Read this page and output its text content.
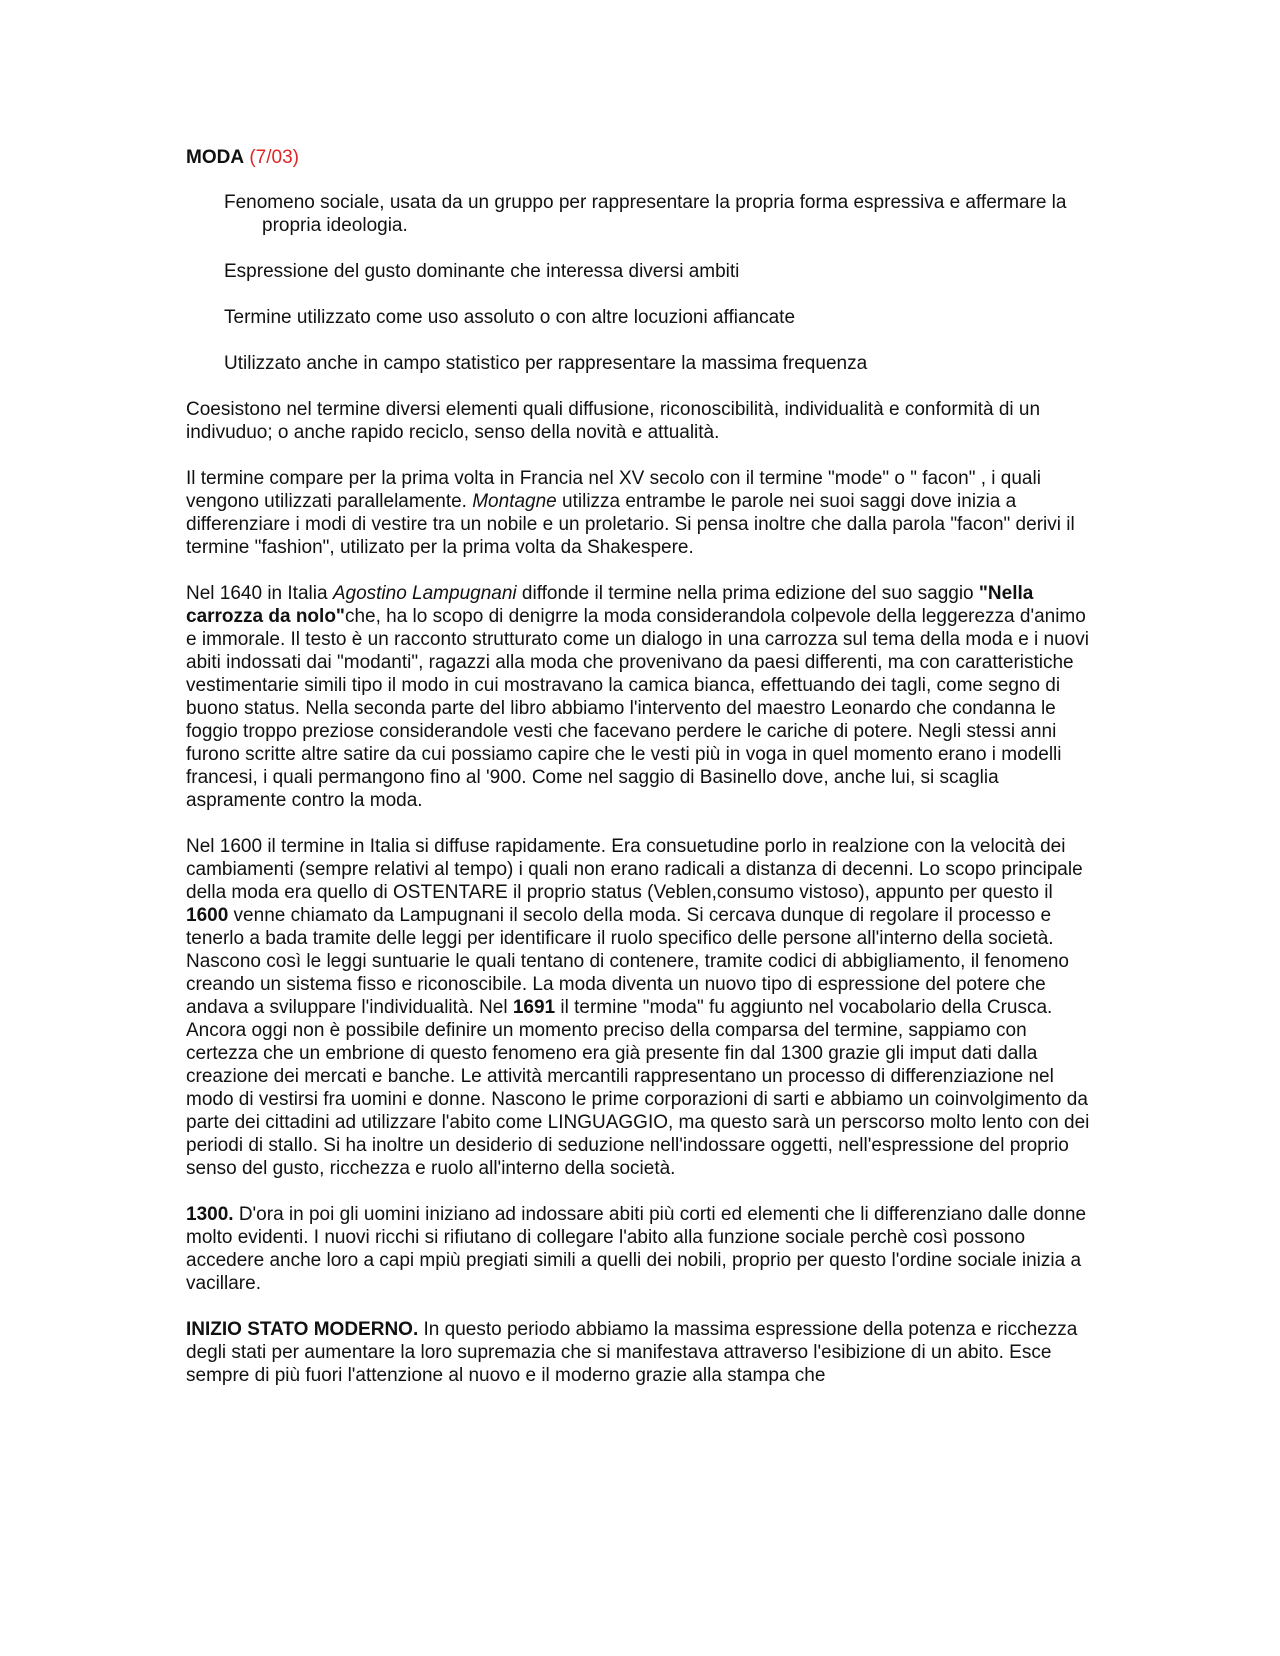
MODA (7/03)

Fenomeno sociale, usata da un gruppo per rappresentare la propria forma espressiva e affermare la propria ideologia.

Espressione del gusto dominante che interessa diversi ambiti

Termine utilizzato come uso assoluto o con altre locuzioni affiancate

Utilizzato anche in campo statistico per rappresentare la massima frequenza

Coesistono nel termine diversi elementi quali diffusione, riconoscibilità, individualità e conformità di un indivuduo; o anche rapido reciclo, senso della novità e attualità.

Il termine compare per la prima volta in Francia nel XV secolo con il termine "mode" o " facon" , i quali vengono utilizzati parallelamente. Montagne utilizza entrambe le parole nei suoi saggi dove inizia a differenziare i modi di vestire tra un nobile e un proletario. Si pensa inoltre che dalla parola "facon" derivi il termine "fashion", utilizato per la prima volta da Shakespere.

Nel 1640 in Italia Agostino Lampugnani diffonde il termine nella prima edizione del suo saggio "Nella carrozza da nolo"che, ha lo scopo di denigrre la moda considerandola colpevole della leggerezza d'animo e immorale. Il testo è un racconto strutturato come un dialogo in una carrozza sul tema della moda e i nuovi abiti indossati dai "modanti", ragazzi alla moda che provenivano da paesi differenti, ma con caratteristiche vestimentarie simili tipo il modo in cui mostravano la camica bianca, effettuando dei tagli, come segno di buono status. Nella seconda parte del libro abbiamo l'intervento del maestro Leonardo che condanna le foggio troppo preziose considerandole vesti che facevano perdere le cariche di potere. Negli stessi anni furono scritte altre satire da cui possiamo capire che le vesti più in voga in quel momento erano i modelli francesi, i quali permangono fino al '900. Come nel saggio di Basinello dove, anche lui, si scaglia aspramente contro la moda.

Nel 1600 il termine in Italia si diffuse rapidamente. Era consuetudine porlo in realzione con la velocità dei cambiamenti (sempre relativi al tempo) i quali non erano radicali a distanza di decenni. Lo scopo principale della moda era quello di OSTENTARE il proprio status (Veblen,consumo vistoso), appunto per questo il 1600 venne chiamato da Lampugnani il secolo della moda. Si cercava dunque di regolare il processo e tenerlo a bada tramite delle leggi per identificare il ruolo specifico delle persone all'interno della società. Nascono così le leggi suntuarie le quali tentano di contenere, tramite codici di abbigliamento, il fenomeno creando un sistema fisso e riconoscibile. La moda diventa un nuovo tipo di espressione del potere che andava a sviluppare l'individualità. Nel 1691 il termine "moda" fu aggiunto nel vocabolario della Crusca. Ancora oggi non è possibile definire un momento preciso della comparsa del termine, sappiamo con certezza che un embrione di questo fenomeno era già presente fin dal 1300 grazie gli imput dati dalla creazione dei mercati e banche. Le attività mercantili rappresentano un processo di differenziazione nel modo di vestirsi fra uomini e donne. Nascono le prime corporazioni di sarti e abbiamo un coinvolgimento da parte dei cittadini ad utilizzare l'abito come LINGUAGGIO, ma questo sarà un perscorso molto lento con dei periodi di stallo. Si ha inoltre un desiderio di seduzione nell'indossare oggetti, nell'espressione del proprio senso del gusto, ricchezza e ruolo all'interno della società.

1300. D'ora in poi gli uomini iniziano ad indossare abiti più corti ed elementi che li differenziano dalle donne molto evidenti. I nuovi ricchi si rifiutano di collegare l'abito alla funzione sociale perchè così possono accedere anche loro a capi mpiù pregiati simili a quelli dei nobili, proprio per questo l'ordine sociale inizia a vacillare.

INIZIO STATO MODERNO. In questo periodo abbiamo la massima espressione della potenza e ricchezza degli stati per aumentare la loro supremazia che si manifestava attraverso l'esibizione di un abito. Esce sempre di più fuori l'attenzione al nuovo e il moderno grazie alla stampa che
